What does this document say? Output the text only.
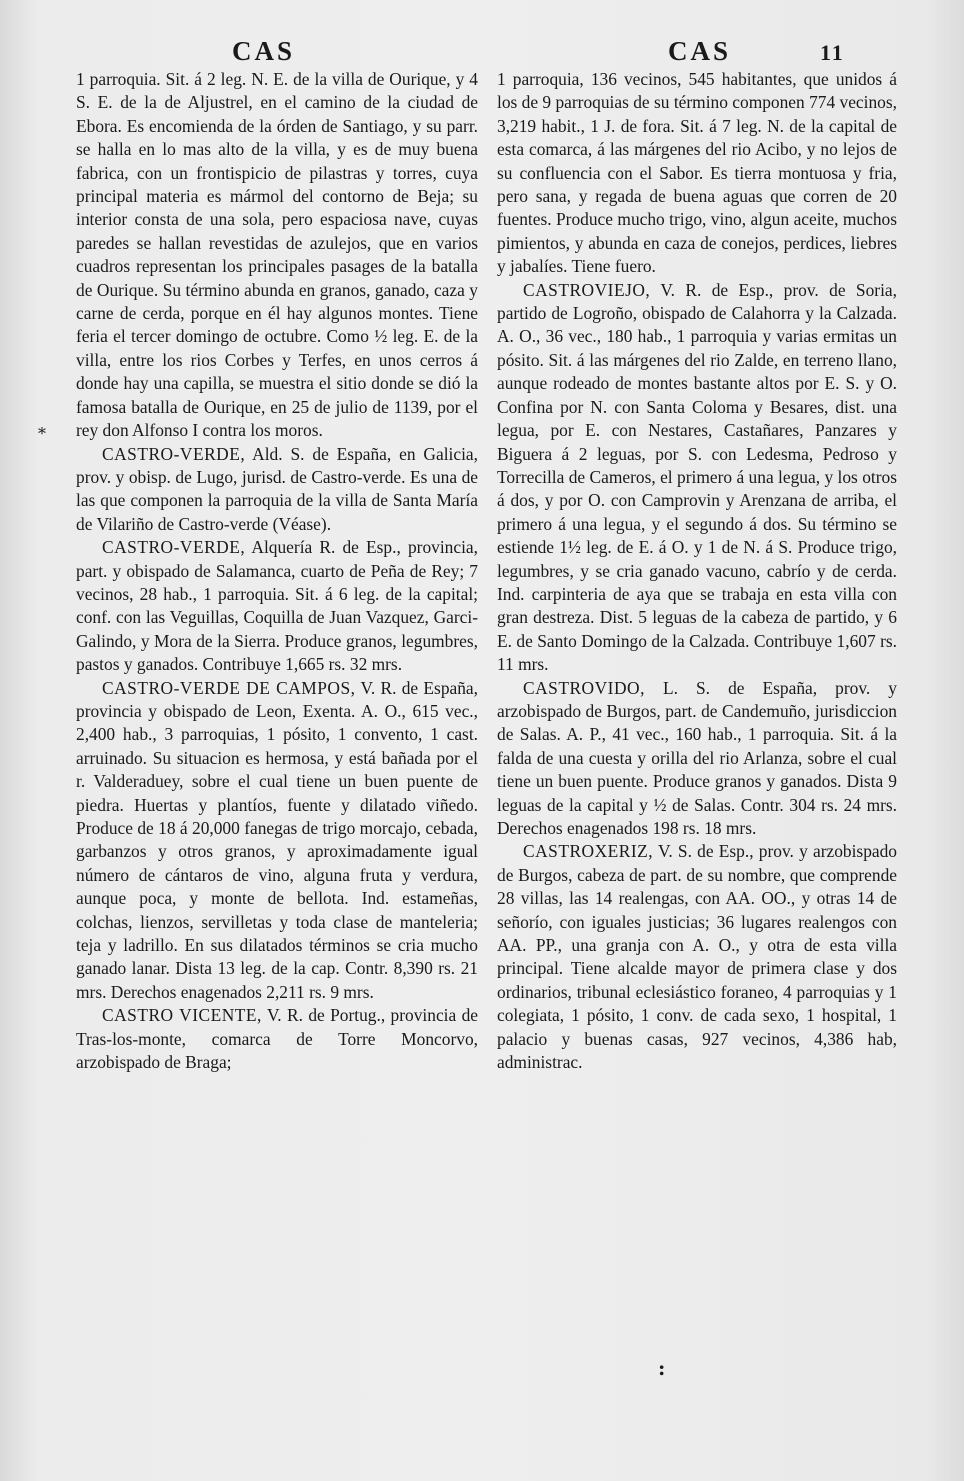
CAS	CAS	11
*

1 parroquia. Sit. á 2 leg. N. E. de la villa de Ourique, y 4 S. E. de la de Aljustrel, en el camino de la ciudad de Ebora. Es encomienda de la órden de Santiago, y su parr. se halla en lo mas alto de la villa, y es de muy buena fabrica, con un frontispicio de pilastras y torres, cuya principal materia es mármol del contorno de Beja; su interior consta de una sola, pero espaciosa nave, cuyas paredes se hallan revestidas de azulejos, que en varios cuadros representan los principales pasages de la batalla de Ourique. Su término abunda en granos, ganado, caza y carne de cerda, porque en él hay algunos montes. Tiene feria el tercer domingo de octubre. Como ½ leg. E. de la villa, entre los rios Corbes y Terfes, en unos cerros á donde hay una capilla, se muestra el sitio donde se dió la famosa batalla de Ourique, en 25 de julio de 1139, por el rey don Alfonso I contra los moros.

CASTRO-VERDE, Ald. S. de España, en Galicia, prov. y obisp. de Lugo, jurisd. de Castro-verde. Es una de las que componen la parroquia de la villa de Santa María de Vilariño de Castro-verde (Véase).

CASTRO-VERDE, Alquería R. de Esp., provincia, part. y obispado de Salamanca, cuarto de Peña de Rey; 7 vecinos, 28 hab., 1 parroquia. Sit. á 6 leg. de la capital; conf. con las Veguillas, Coquilla de Juan Vazquez, Garci-Galindo, y Mora de la Sierra. Produce granos, legumbres, pastos y ganados. Contribuye 1,665 rs. 32 mrs.

CASTRO-VERDE DE CAMPOS, V. R. de España, provincia y obispado de Leon, Exenta. A. O., 615 vec., 2,400 hab., 3 parroquias, 1 pósito, 1 convento, 1 cast. arruinado. Su situacion es hermosa, y está bañada por el r. Valderaduey, sobre el cual tiene un buen puente de piedra. Huertas y plantíos, fuente y dilatado viñedo. Produce de 18 á 20,000 fanegas de trigo morcajo, cebada, garbanzos y otros granos, y aproximadamente igual número de cántaros de vino, alguna fruta y verdura, aunque poca, y monte de bellota. Ind. estameñas, colchas, lienzos, servilletas y toda clase de manteleria; teja y ladrillo. En sus dilatados términos se cria mucho ganado lanar. Dista 13 leg. de la cap. Contr. 8,390 rs. 21 mrs. Derechos enagenados 2,211 rs. 9 mrs.

CASTRO VICENTE, V. R. de Portug., provincia de Tras-los-monte, comarca de Torre Moncorvo, arzobispado de Braga;

1 parroquia, 136 vecinos, 545 habitantes, que unidos á los de 9 parroquias de su término componen 774 vecinos, 3,219 habit., 1 J. de fora. Sit. á 7 leg. N. de la capital de esta comarca, á las márgenes del rio Acibo, y no lejos de su confluencia con el Sabor. Es tierra montuosa y fria, pero sana, y regada de buena aguas que corren de 20 fuentes. Produce mucho trigo, vino, algun aceite, muchos pimientos, y abunda en caza de conejos, perdices, liebres y jabalíes. Tiene fuero.

CASTROVIEJO, V. R. de Esp., prov. de Soria, partido de Logroño, obispado de Calahorra y la Calzada. A. O., 36 vec., 180 hab., 1 parroquia y varias ermitas un pósito. Sit. á las márgenes del rio Zalde, en terreno llano, aunque rodeado de montes bastante altos por E. S. y O. Confina por N. con Santa Coloma y Besares, dist. una legua, por E. con Nestares, Castañares, Panzares y Biguera á 2 leguas, por S. con Ledesma, Pedroso y Torrecilla de Cameros, el primero á una legua, y los otros á dos, y por O. con Camprovin y Arenzana de arriba, el primero á una legua, y el segundo á dos. Su término se estiende 1½ leg. de E. á O. y 1 de N. á S. Produce trigo, legumbres, y se cria ganado vacuno, cabrío y de cerda. Ind. carpinteria de aya que se trabaja en esta villa con gran destreza. Dist. 5 leguas de la cabeza de partido, y 6 E. de Santo Domingo de la Calzada. Contribuye 1,607 rs. 11 mrs.

CASTROVIDO, L. S. de España, prov. y arzobispado de Burgos, part. de Candemuño, jurisdiccion de Salas. A. P., 41 vec., 160 hab., 1 parroquia. Sit. á la falda de una cuesta y orilla del rio Arlanza, sobre el cual tiene un buen puente. Produce granos y ganados. Dista 9 leguas de la capital y ½ de Salas. Contr. 304 rs. 24 mrs. Derechos enagenados 198 rs. 18 mrs.

CASTROXERIZ, V. S. de Esp., prov. y arzobispado de Burgos, cabeza de part. de su nombre, que comprende 28 villas, las 14 realengas, con AA. OO., y otras 14 de señorío, con iguales justicias; 36 lugares realengos con AA. PP., una granja con A. O., y otra de esta villa principal. Tiene alcalde mayor de primera clase y dos ordinarios, tribunal eclesiástico foraneo, 4 parroquias y 1 colegiata, 1 pósito, 1 conv. de cada sexo, 1 hospital, 1 palacio y buenas casas, 927 vecinos, 4,386 hab, administrac.

:
